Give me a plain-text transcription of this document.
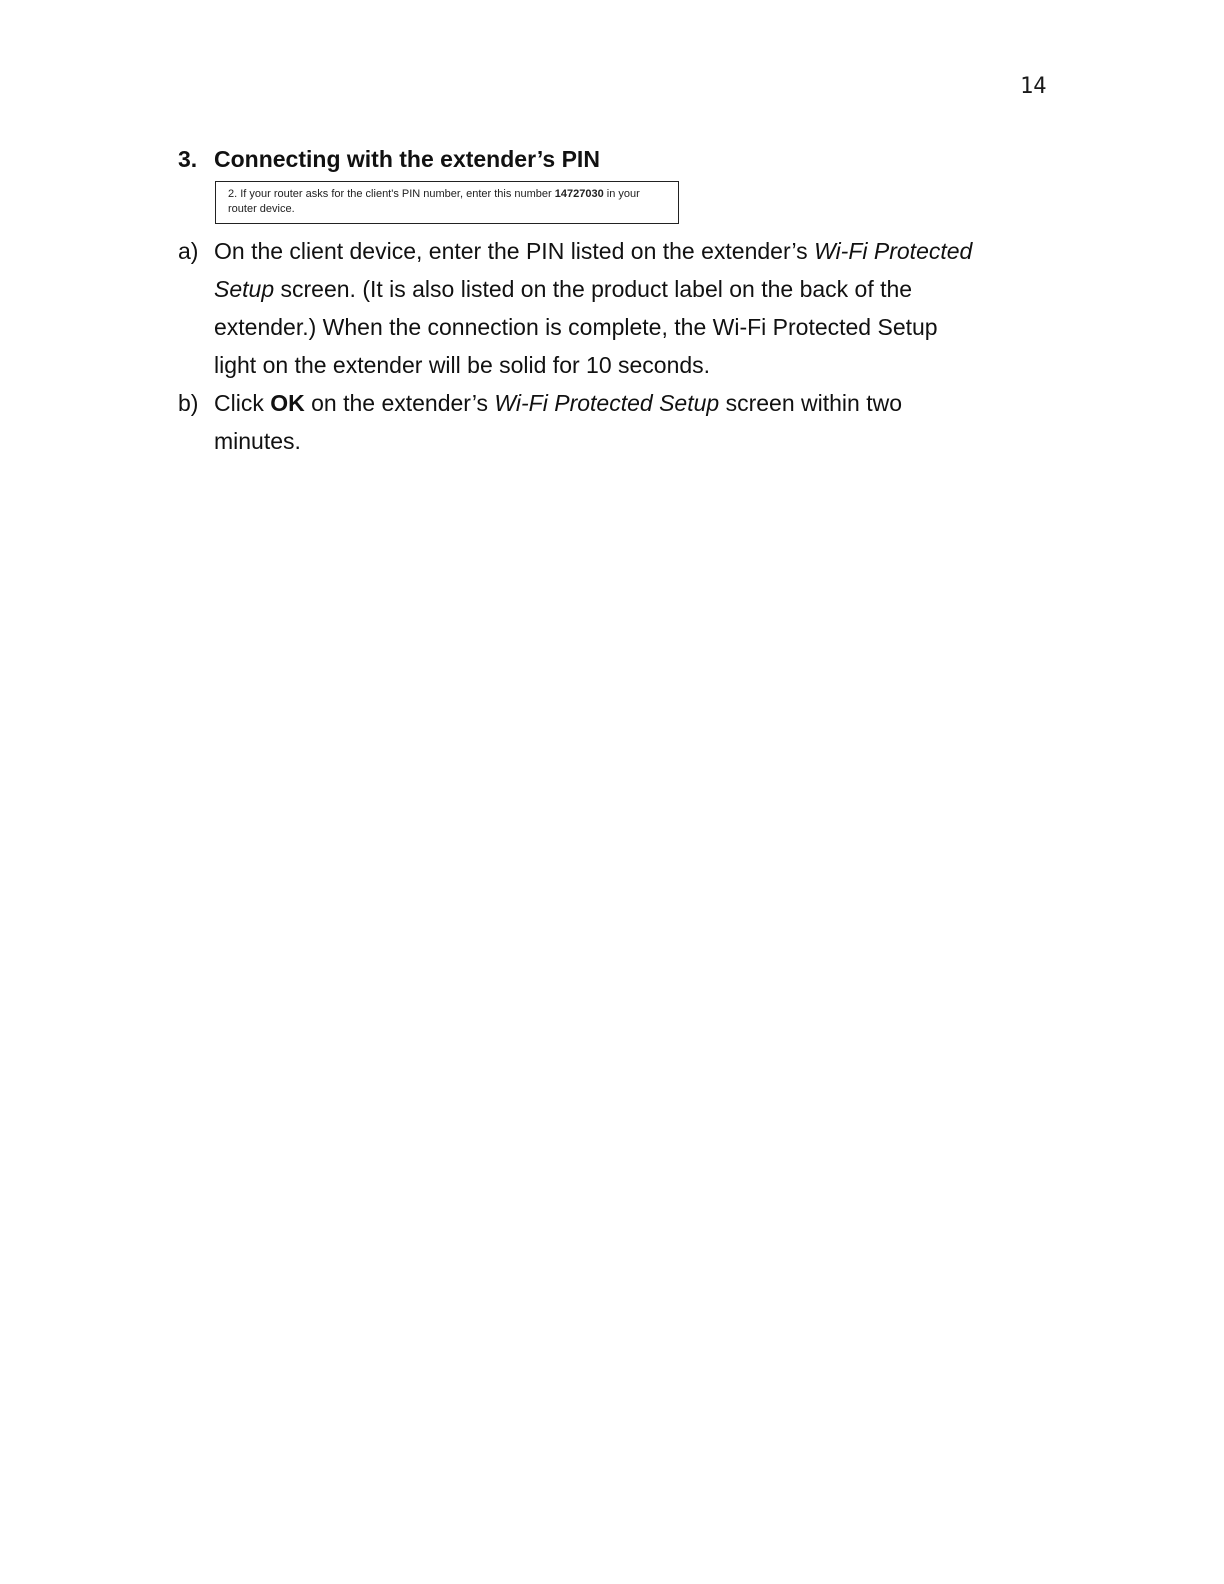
14
3. Connecting with the extender’s PIN
2. If your router asks for the client's PIN number, enter this number 14727030 in your
router device.
a) On the client device, enter the PIN listed on the extender’s Wi-Fi Protected Setup screen. (It is also listed on the product label on the back of the extender.) When the connection is complete, the Wi-Fi Protected Setup light on the extender will be solid for 10 seconds.
b) Click OK on the extender’s Wi-Fi Protected Setup screen within two minutes.
